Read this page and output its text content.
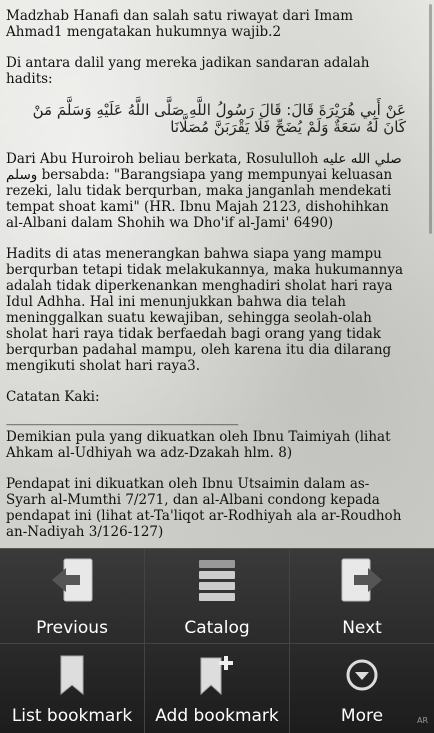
Madzhab Hanafi dan salah satu riwayat dari Imam Ahmad1 mengatakan hukumnya wajib.2

Di antara dalil yang mereka jadikan sandaran adalah hadits:

عَنْ أَبِي هُرَيْرَةَ قَالَ: قَالَ رَسُولُ اللَّهِ صَلَّى اللَّهُ عَلَيْهِ وَسَلَّمَ مَنْ كَانَ لَهُ سَعَةٌ وَلَمْ يُضَحِّ فَلَا يَقْرَبَنَّ مُصَلَّانَا

Dari Abu Huroiroh beliau berkata, Rosululloh صلي الله عليه وسلم bersabda: "Barangsiapa yang mempunyai keluasan rezeki, lalu tidak berqurban, maka janganlah mendekati tempat shoat kami" (HR. Ibnu Majah 2123, dishohihkan al-Albani dalam Shohih wa Dho'if al-Jami' 6490)

Hadits di atas menerangkan bahwa siapa yang mampu berqurban tetapi tidak melakukannya, maka hukumannya adalah tidak diperkenankan menghadiri sholat hari raya Idul Adhha. Hal ini menunjukkan bahwa dia telah meninggalkan suatu kewajiban, sehingga seolah-olah sholat hari raya tidak berfaedah bagi orang yang tidak berqurban padahal mampu, oleh karena itu dia dilarang mengikuti sholat hari raya3.

Catatan Kaki:

----------------------------------------------------------------------------------------------------------------------------------------

Demikian pula yang dikuatkan oleh Ibnu Taimiyah (lihat Ahkam al-Udhiyah wa adz-Dzakah hlm. 8)

Pendapat ini dikuatkan oleh Ibnu Utsaimin dalam as-Syarh al-Mumthi 7/271, dan al-Albani condong kepada pendapat ini (lihat at-Ta'liqot ar-Rodhiyah ala ar-Roudhoh an-Nadiyah 3/126-127)

Previous	Catalog	Next
List bookmark	Add bookmark	More	AR
